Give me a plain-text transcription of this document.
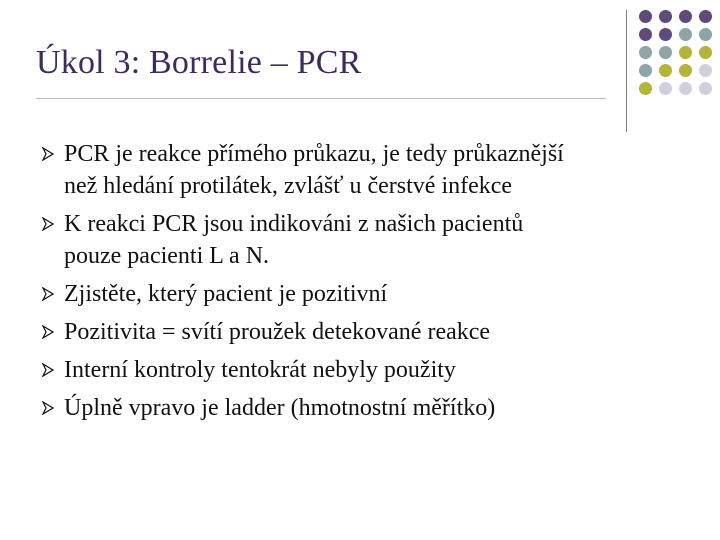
Úkol 3: Borrelie – PCR
PCR je reakce přímého průkazu, je tedy průkaznější
než hledání protilátek, zvlášť u čerstvé infekce
K reakci PCR jsou indikováni z našich pacientů
pouze pacienti L a N.
Zjistěte, který pacient je pozitivní
Pozitivita = svítí proužek detekované reakce
Interní kontroly tentokrát nebyly použity
Úplně vpravo je ladder (hmotnostní měřítko)
